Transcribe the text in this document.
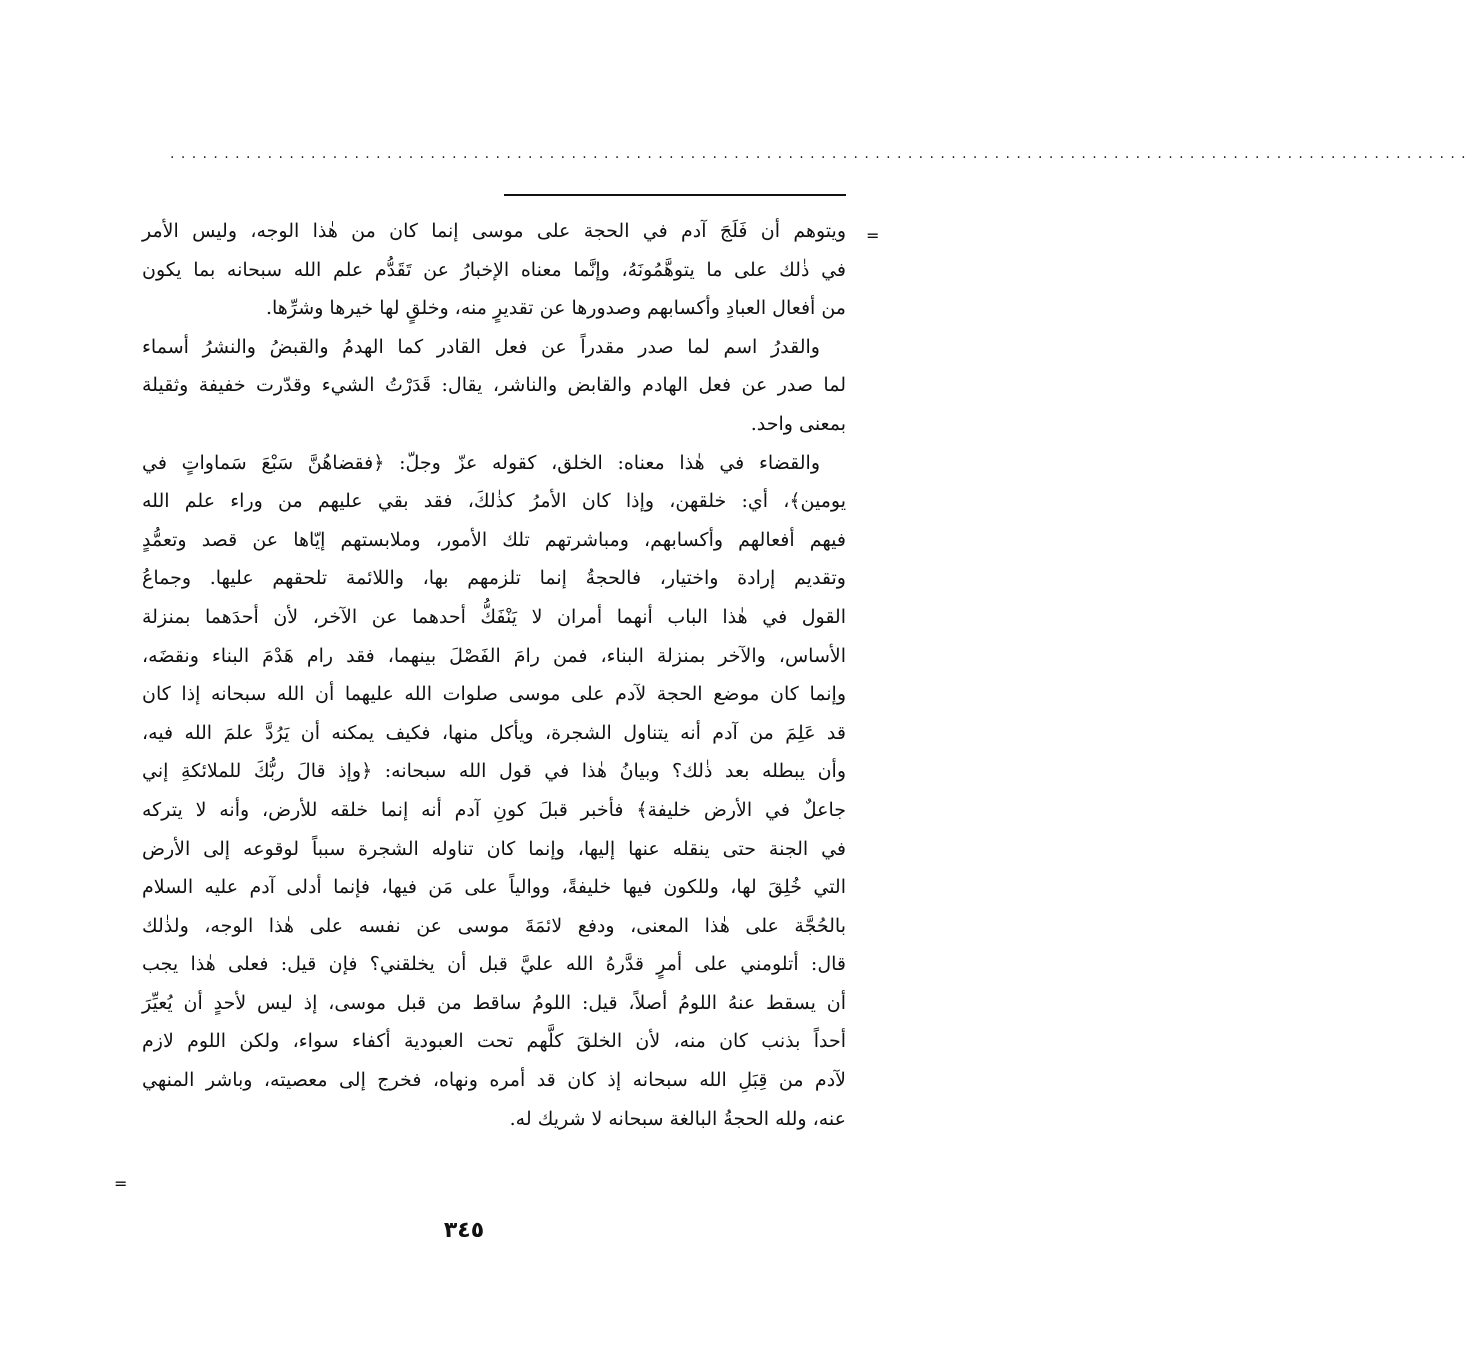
........................................................................................................................
=
=
ويتوهم أن فَلَجَ آدم في الحجة على موسى إنما كان من هٰذا الوجه، وليس الأمر
في ذٰلك على ما يتوهَّمُونَهُ، وإنَّما معناه الإخبارُ عن تَقَدُّم علم الله سبحانه بما يكون
من أفعال العبادِ وأكسابهم وصدورها عن تقديرٍ منه، وخلقٍ لها خيرها وشرِّها.
والقدرُ اسم لما صدر مقدراً عن فعل القادر كما الهدمُ والقبضُ والنشرُ أسماء
لما صدر عن فعل الهادم والقابض والناشر، يقال: قَدَرْتُ الشيء وقدّرت خفيفة وثقيلة
بمعنى واحد.
والقضاء في هٰذا معناه: الخلق، كقوله عزّ وجلّ: ﴿فقضاهُنَّ سَبْعَ سَماواتٍ في
يومين﴾، أي: خلقهن، وإذا كان الأمرُ كذٰلكَ، فقد بقي عليهم من وراء علم الله
فيهم أفعالهم وأكسابهم، ومباشرتهم تلك الأمور، وملابستهم إيّاها عن قصد وتعمُّدٍ
وتقديم إرادة واختيار، فالحجةُ إنما تلزمهم بها، واللائمة تلحقهم عليها. وجماعُ
القول في هٰذا الباب أنهما أمران لا يَنْفَكُّ أحدهما عن الآخر، لأن أحدَهما بمنزلة
الأساس، والآخر بمنزلة البناء، فمن رامَ الفَصْلَ بينهما، فقد رام هَدْمَ البناء ونقضَه،
وإنما كان موضع الحجة لآدم على موسى صلوات الله عليهما أن الله سبحانه إذا كان
قد عَلِمَ من آدم أنه يتناول الشجرة، ويأكل منها، فكيف يمكنه أن يَرُدَّ علمَ الله فيه،
وأن يبطله بعد ذٰلك؟ وبيانُ هٰذا في قول الله سبحانه: ﴿وإذ قالَ ربُّكَ للملائكةِ إني
جاعلٌ في الأرض خليفة﴾ فأخبر قبلَ كونِ آدم أنه إنما خلقه للأرض، وأنه لا يتركه
في الجنة حتى ينقله عنها إليها، وإنما كان تناوله الشجرة سبباً لوقوعه إلى الأرض
التي خُلِقَ لها، وللكون فيها خليفةً، ووالياً على مَن فيها، فإنما أدلى آدم عليه السلام
بالحُجَّة على هٰذا المعنى، ودفع لائمَةَ موسى عن نفسه على هٰذا الوجه، ولذٰلك
قال: أتلومني على أمرٍ قدَّرهُ الله عليَّ قبل أن يخلقني؟ فإن قيل: فعلى هٰذا يجب
أن يسقط عنهُ اللومُ أصلاً، قيل: اللومُ ساقط من قبل موسى، إذ ليس لأحدٍ أن يُعيِّرَ
أحداً بذنب كان منه، لأن الخلقَ كلَّهم تحت العبودية أكفاء سواء، ولكن اللوم لازم
لآدم من قِبَلِ الله سبحانه إذ كان قد أمره ونهاه، فخرج إلى معصيته، وباشر المنهي
عنه، ولله الحجةُ البالغة سبحانه لا شريك له.
٣٤٥
